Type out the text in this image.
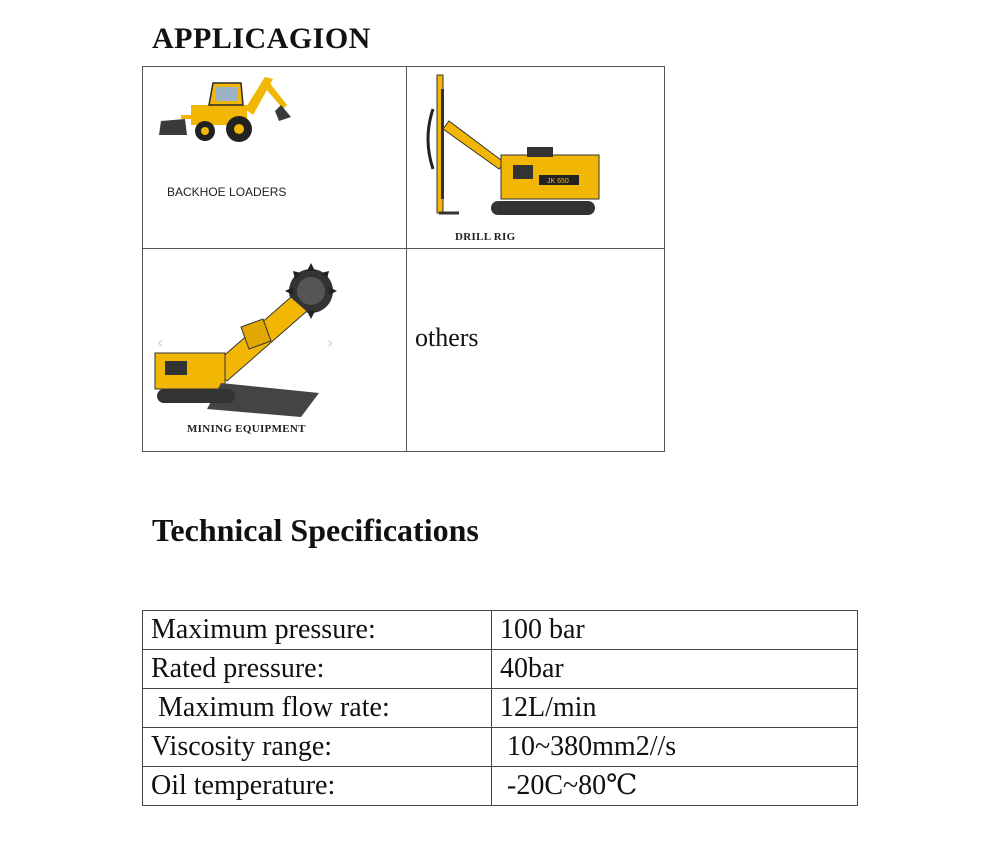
APPLICAGION
BACKHOE LOADERS
JK 650
DRILL RIG
‹	›
MINING EQUIPMENT
others
Technical Specifications
Maximum pressure:	100 bar
Rated pressure:	40bar
Maximum flow rate:	12L/min
Viscosity range:	10~380mm2//s
Oil temperature:	-20C~80℃
